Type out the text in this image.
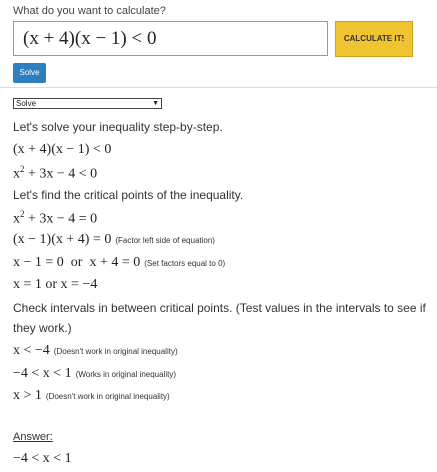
What do you want to calculate?
(x + 4)(x − 1) < 0	CALCULATE IT!
Solve
Solve	▼
Let's solve your inequality step-by-step.
(x + 4)(x − 1) < 0
$x^2 + 3x - 4 < 0$
Let's find the critical points of the inequality.
$x^2 + 3x - 4 = 0$
(x − 1)(x + 4) = 0 (Factor left side of equation)
x − 1 = 0  or  x + 4 = 0 (Set factors equal to 0)
x = 1 or x = −4
Check intervals in between critical points. (Test values in the intervals to see if
they work.)
x < −4 (Doesn't work in original inequality)
−4 < x < 1 (Works in original inequality)
x > 1 (Doesn't work in original inequality)
Answer:
−4 < x < 1
